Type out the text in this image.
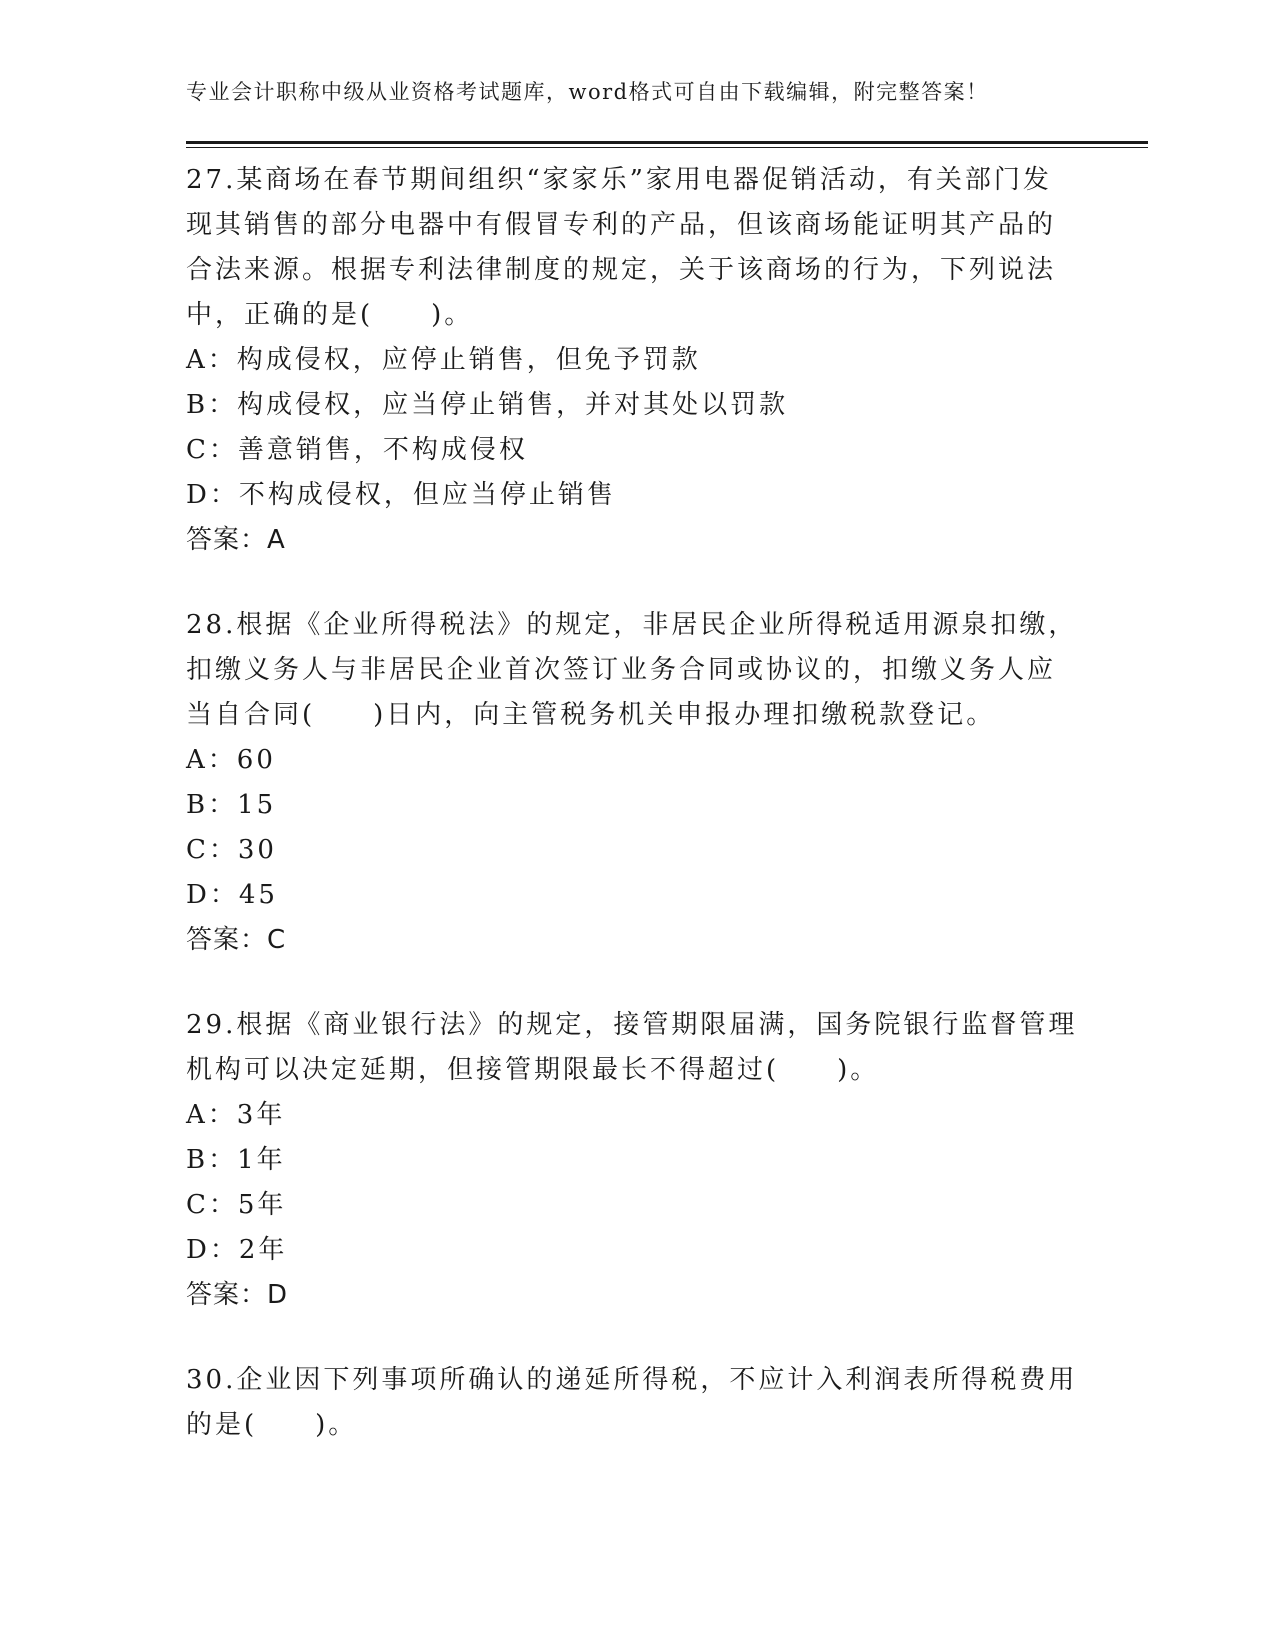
专业会计职称中级从业资格考试题库，word格式可自由下载编辑，附完整答案！

27.某商场在春节期间组织“家家乐”家用电器促销活动，有关部门发

现其销售的部分电器中有假冒专利的产品，但该商场能证明其产品的

合法来源。根据专利法律制度的规定，关于该商场的行为，下列说法

中，正确的是(　　)。

A：构成侵权，应停止销售，但免予罚款

B：构成侵权，应当停止销售，并对其处以罚款

C：善意销售，不构成侵权

D：不构成侵权，但应当停止销售

答案：A

28.根据《企业所得税法》的规定，非居民企业所得税适用源泉扣缴，

扣缴义务人与非居民企业首次签订业务合同或协议的，扣缴义务人应

当自合同(　　)日内，向主管税务机关申报办理扣缴税款登记。

A：60

B：15

C：30

D：45

答案：C

29.根据《商业银行法》的规定，接管期限届满，国务院银行监督管理

机构可以决定延期，但接管期限最长不得超过(　　)。

A：3年

B：1年

C：5年

D：2年

答案：D

30.企业因下列事项所确认的递延所得税，不应计入利润表所得税费用

的是(　　)。
